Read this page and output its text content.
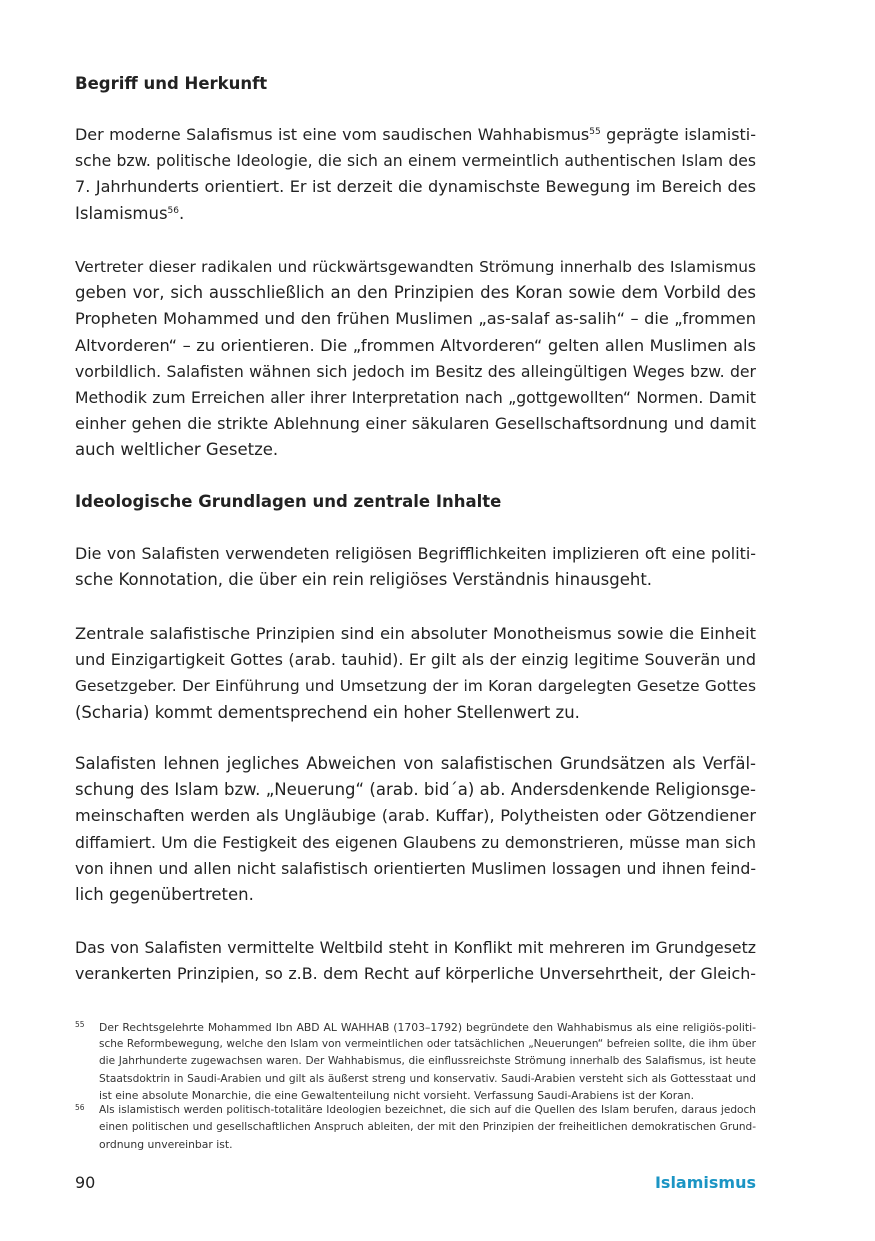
Begriff und Herkunft

Der moderne Salafismus ist eine vom saudischen Wahhabismus$^{55}$ geprägte islamisti-
sche bzw. politische Ideologie, die sich an einem vermeintlich authentischen Islam des
7. Jahrhunderts orientiert. Er ist derzeit die dynamischste Bewegung im Bereich des
Islamismus$^{56}$.

Vertreter dieser radikalen und rückwärtsgewandten Strömung innerhalb des Islamismus
geben vor, sich ausschließlich an den Prinzipien des Koran sowie dem Vorbild des
Propheten Mohammed und den frühen Muslimen „as-salaf as-salih“ – die „frommen
Altvorderen“ – zu orientieren. Die „frommen Altvorderen“ gelten allen Muslimen als
vorbildlich. Salafisten wähnen sich jedoch im Besitz des alleingültigen Weges bzw. der
Methodik zum Erreichen aller ihrer Interpretation nach „gottgewollten“ Normen. Damit
einher gehen die strikte Ablehnung einer säkularen Gesellschaftsordnung und damit
auch weltlicher Gesetze.

Ideologische Grundlagen und zentrale Inhalte

Die von Salafisten verwendeten religiösen Begrifflichkeiten implizieren oft eine politi-
sche Konnotation, die über ein rein religiöses Verständnis hinausgeht.

Zentrale salafistische Prinzipien sind ein absoluter Monotheismus sowie die Einheit
und Einzigartigkeit Gottes (arab. tauhid). Er gilt als der einzig legitime Souverän und
Gesetzgeber. Der Einführung und Umsetzung der im Koran dargelegten Gesetze Gottes
(Scharia) kommt dementsprechend ein hoher Stellenwert zu.

Salafisten lehnen jegliches Abweichen von salafistischen Grundsätzen als Verfäl-
schung des Islam bzw. „Neuerung“ (arab. bid´a) ab. Andersdenkende Religionsge-
meinschaften werden als Ungläubige (arab. Kuffar), Polytheisten oder Götzendiener
diffamiert. Um die Festigkeit des eigenen Glaubens zu demonstrieren, müsse man sich
von ihnen und allen nicht salafistisch orientierten Muslimen lossagen und ihnen feind-
lich gegenübertreten.

Das von Salafisten vermittelte Weltbild steht in Konflikt mit mehreren im Grundgesetz
verankerten Prinzipien, so z.B. dem Recht auf körperliche Unversehrtheit, der Gleich-

55 Der Rechtsgelehrte Mohammed Ibn ABD AL WAHHAB (1703–1792) begründete den Wahhabismus als eine religiös-politi-
sche Reformbewegung, welche den Islam von vermeintlichen oder tatsächlichen „Neuerungen“ befreien sollte, die ihm über
die Jahrhunderte zugewachsen waren. Der Wahhabismus, die einflussreichste Strömung innerhalb des Salafismus, ist heute
Staatsdoktrin in Saudi-Arabien und gilt als äußerst streng und konservativ. Saudi-Arabien versteht sich als Gottesstaat und
ist eine absolute Monarchie, die eine Gewaltenteilung nicht vorsieht. Verfassung Saudi-Arabiens ist der Koran.
56 Als islamistisch werden politisch-totalitäre Ideologien bezeichnet, die sich auf die Quellen des Islam berufen, daraus jedoch
einen politischen und gesellschaftlichen Anspruch ableiten, der mit den Prinzipien der freiheitlichen demokratischen Grund-
ordnung unvereinbar ist.
90	Islamismus
